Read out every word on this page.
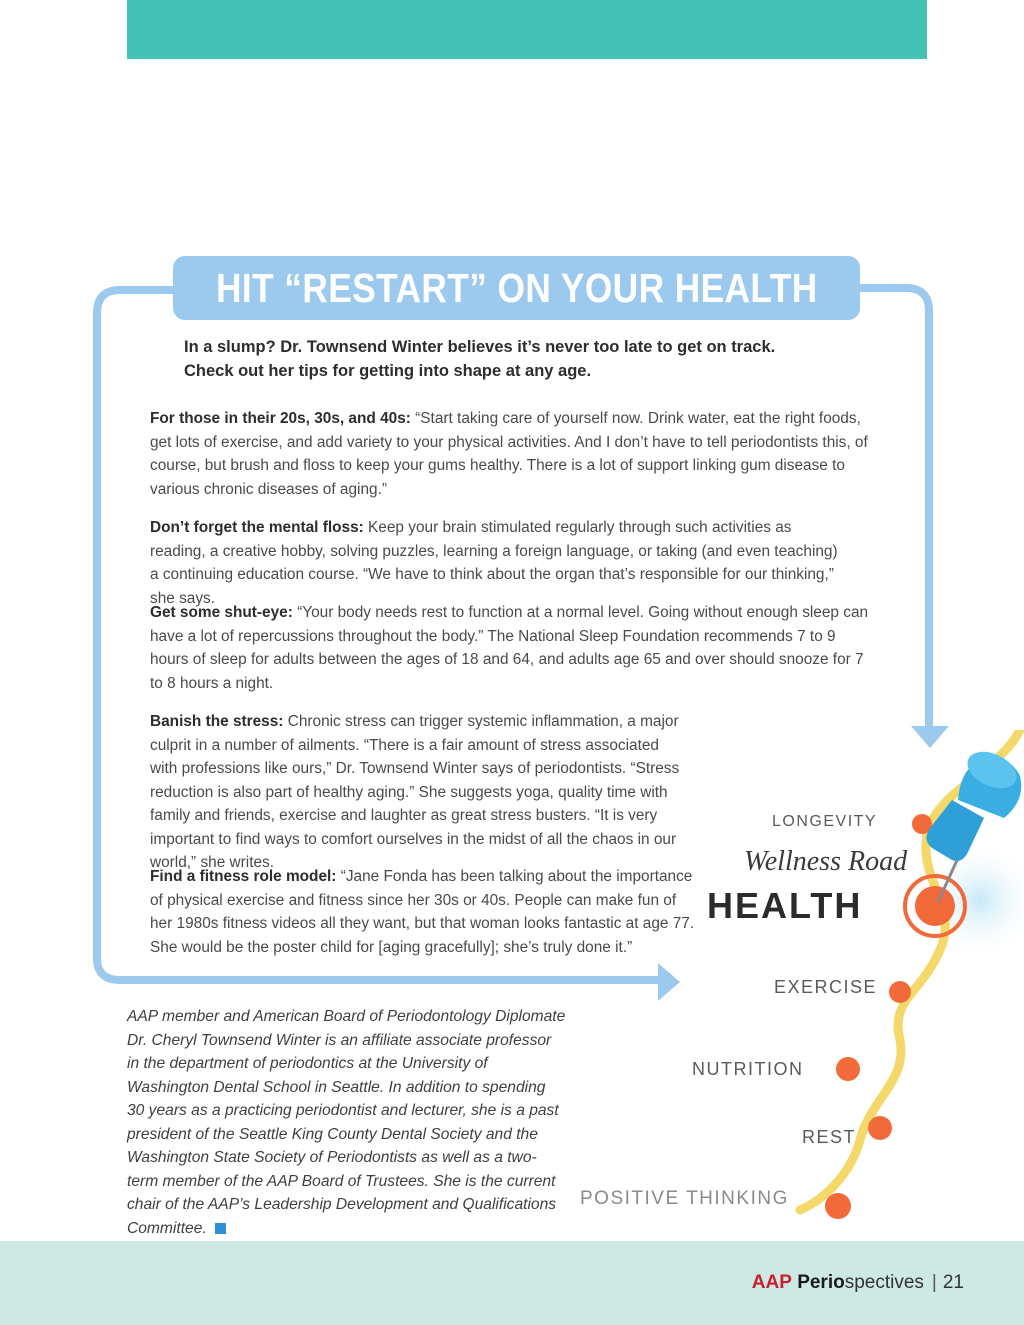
HIT “RESTART” ON YOUR HEALTH
In a slump? Dr. Townsend Winter believes it’s never too late to get on track.
Check out her tips for getting into shape at any age.

For those in their 20s, 30s, and 40s: “Start taking care of yourself now. Drink water, eat the right foods, get lots of exercise, and add variety to your physical activities. And I don’t have to tell periodontists this, of course, but brush and floss to keep your gums healthy. There is a lot of support linking gum disease to various chronic diseases of aging.”

Don’t forget the mental floss: Keep your brain stimulated regularly through such activities as reading, a creative hobby, solving puzzles, learning a foreign language, or taking (and even teaching) a continuing education course. “We have to think about the organ that’s responsible for our thinking,” she says.

Get some shut-eye: “Your body needs rest to function at a normal level. Going without enough sleep can have a lot of repercussions throughout the body.” The National Sleep Foundation recommends 7 to 9 hours of sleep for adults between the ages of 18 and 64, and adults age 65 and over should snooze for 7 to 8 hours a night.

Banish the stress: Chronic stress can trigger systemic inflammation, a major culprit in a number of ailments. “There is a fair amount of stress associated with professions like ours,” Dr. Townsend Winter says of periodontists. “Stress reduction is also part of healthy aging.” She suggests yoga, quality time with family and friends, exercise and laughter as great stress busters. “It is very important to find ways to comfort ourselves in the midst of all the chaos in our world,” she writes.

Find a fitness role model: “Jane Fonda has been talking about the importance of physical exercise and fitness since her 30s or 40s. People can make fun of her 1980s fitness videos all they want, but that woman looks fantastic at age 77. She would be the poster child for [aging gracefully]; she’s truly done it.”

AAP member and American Board of Periodontology Diplomate Dr. Cheryl Townsend Winter is an affiliate associate professor in the department of periodontics at the University of Washington Dental School in Seattle. In addition to spending 30 years as a practicing periodontist and lecturer, she is a past president of the Seattle King County Dental Society and the Washington State Society of Periodontists as well as a two-term member of the AAP Board of Trustees. She is the current chair of the AAP’s Leadership Development and Qualifications Committee.
LONGEVITY
Wellness Road
HEALTH
EXERCISE
NUTRITION
REST
POSITIVE THINKING
AAP Periospectives | 21
